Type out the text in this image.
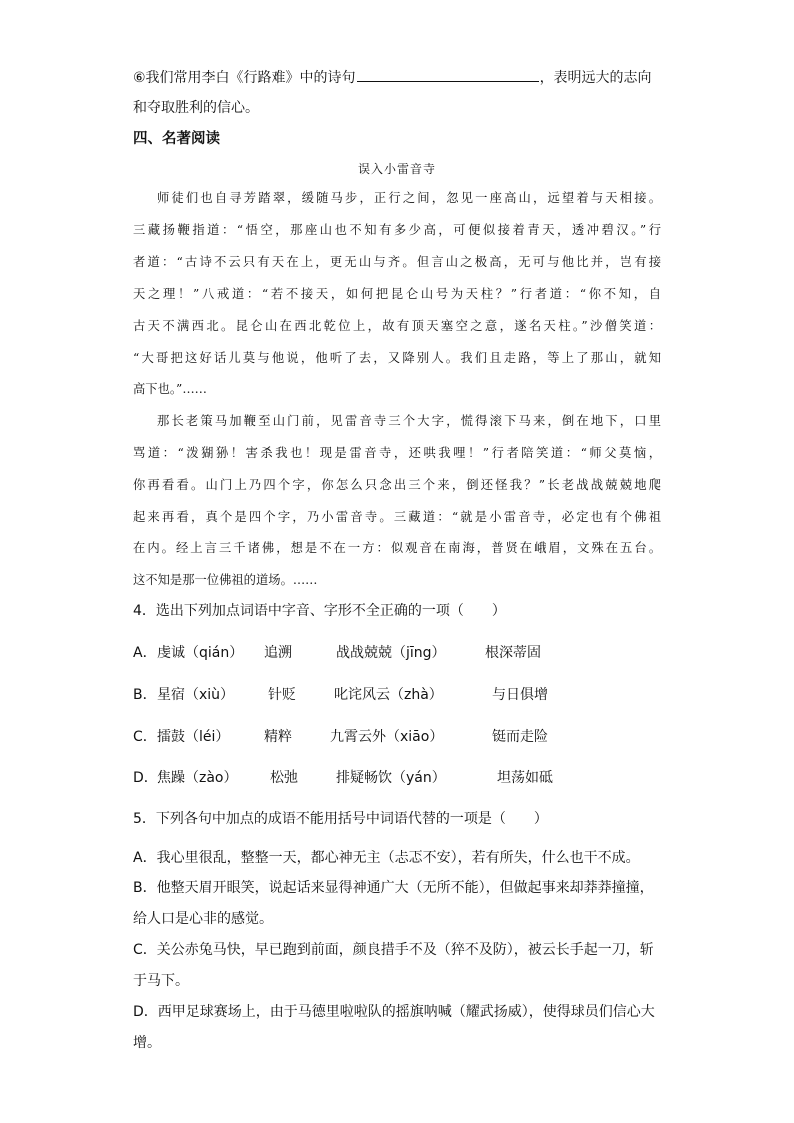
⑥我们常用李白《行路难》中的诗句	，表明远大的志向
和夺取胜利的信心。
四、名著阅读
误入小雷音寺
师徒们也自寻芳踏翠，缓随马步，正行之间，忽见一座高山，远望着与天相接。
三藏扬鞭指道：“悟空，那座山也不知有多少高，可便似接着青天，透冲碧汉。”行
者道：“古诗不云只有天在上，更无山与齐。但言山之极高，无可与他比并，岂有接
天之理！”八戒道：“若不接天，如何把昆仑山号为天柱？”行者道：“你不知，自
古天不满西北。昆仑山在西北乾位上，故有顶天塞空之意，遂名天柱。”沙僧笑道：
“大哥把这好话儿莫与他说，他听了去，又降别人。我们且走路，等上了那山，就知
高下也。”……
那长老策马加鞭至山门前，见雷音寺三个大字，慌得滚下马来，倒在地下，口里
骂道：“泼猢狲！害杀我也！现是雷音寺，还哄我哩！”行者陪笑道：“师父莫恼，
你再看看。山门上乃四个字，你怎么只念出三个来，倒还怪我？”长老战战兢兢地爬
起来再看，真个是四个字，乃小雷音寺。三藏道：“就是小雷音寺，必定也有个佛祖
在内。经上言三千诸佛，想是不在一方：似观音在南海，普贤在峨眉，文殊在五台。
这不知是那一位佛祖的道场。……
4．选出下列加点词语中字音、字形不全正确的一项（　　）
A． 虔诚（qián） 追溯	战战兢兢（jīng）	根深蒂固
B． 星宿（xiù） 针贬	叱诧风云（zhà）	与日俱增
C． 擂鼓（léi） 精粹	九霄云外（xiāo）	铤而走险
D． 焦躁（zào） 松弛	排疑畅饮（yán）	坦荡如砥
5．下列各句中加点的成语不能用括号中词语代替的一项是（　　）
A．我心里很乱，整整一天，都心神无主（忐忑不安），若有所失，什么也干不成。
B．他整天眉开眼笑，说起话来显得神通广大（无所不能），但做起事来却莽莽撞撞，
给人口是心非的感觉。
C．关公赤兔马快，早已跑到前面，颜良措手不及（猝不及防），被云长手起一刀，斩
于马下。
D．西甲足球赛场上，由于马德里啦啦队的摇旗呐喊（耀武扬威），使得球员们信心大
增。
